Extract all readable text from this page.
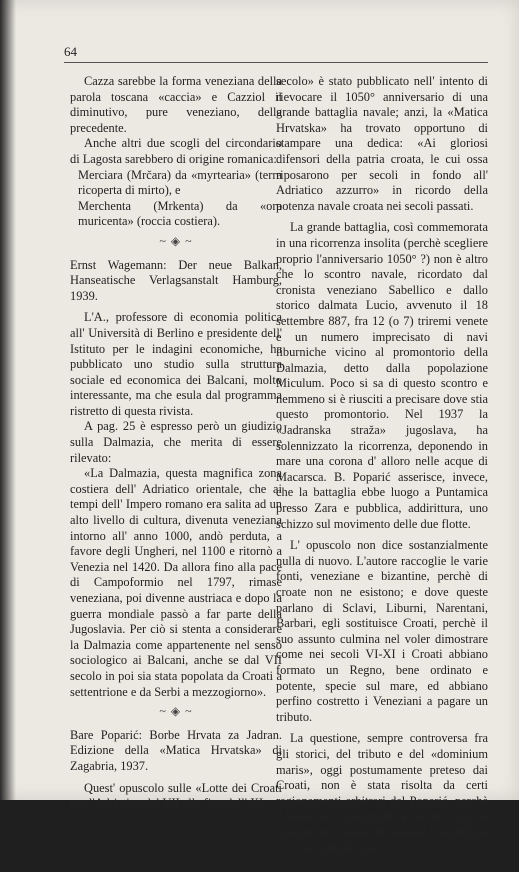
64

Cazza sarebbe la forma veneziana della parola toscana «caccia» e Cazziol il diminutivo, pure veneziano, della precedente.

Anche altri due scogli del circondario di Lagosta sarebbero di origine romanica:

Merciara (Mrčara) da «myrtearia» (terra ricoperta di mirto), e

Merchenta (Mrkenta) da «ora muricenta» (roccia costiera).

~ ◈ ~

Ernst Wagemann: Der neue Balkan, Hanseatische Verlagsanstalt Hamburg, 1939.

L'A., professore di economia politica all' Università di Berlino e presidente dell' Istituto per le indagini economiche, ha pubblicato uno studio sulla struttura sociale ed economica dei Balcani, molto interessante, ma che esula dal programma ristretto di questa rivista.

A pag. 25 è espresso però un giudizio sulla Dalmazia, che merita di essere rilevato:

«La Dalmazia, questa magnifica zona costiera dell' Adriatico orientale, che ai tempi dell' Impero romano era salita ad un alto livello di cultura, divenuta veneziana intorno all' anno 1000, andò perduta, a favore degli Ungheri, nel 1100 e ritornò a Venezia nel 1420. Da allora fino alla pace di Campoformio nel 1797, rimase veneziana, poi divenne austriaca e dopo la guerra mondiale passò a far parte della Jugoslavia. Per ciò si stenta a considerare la Dalmazia come appartenente nel senso sociologico ai Balcani, anche se dal VII secolo in poi sia stata popolata da Croati a settentrione e da Serbi a mezzogiorno».

~ ◈ ~

Bare Poparić: Borbe Hrvata za Jadran. Edizione della «Matica Hrvatska» di Zagabria, 1937.

Quest' opuscolo sulle «Lotte dei Croati per l'Adriatico dal VII alla fine dell' XI

secolo» è stato pubblicato nell' intento di rievocare il 1050° anniversario di una grande battaglia navale; anzi, la «Matica Hrvatska» ha trovato opportuno di stampare una dedica: «Ai gloriosi difensori della patria croata, le cui ossa riposarono per secoli in fondo all' Adriatico azzurro» in ricordo della potenza navale croata nei secoli passati.

La grande battaglia, così commemorata in una ricorrenza insolita (perchè scegliere proprio l'anniversario 1050° ?) non è altro che lo scontro navale, ricordato dal cronista veneziano Sabellico e dallo storico dalmata Lucio, avvenuto il 18 settembre 887, fra 12 (o 7) triremi venete e un numero imprecisato di navi liburniche vicino al promontorio della Dalmazia, detto dalla popolazione Miculum. Poco si sa di questo scontro e nemmeno si è riusciti a precisare dove stia questo promontorio. Nel 1937 la «Jadranska straža» jugoslava, ha solennizzato la ricorrenza, deponendo in mare una corona d' alloro nelle acque di Macarsca. B. Poparić asserisce, invece, che la battaglia ebbe luogo a Puntamica presso Zara e pubblica, addirittura, uno schizzo sul movimento delle due flotte.

L' opuscolo non dice sostanzialmente nulla di nuovo. L'autore raccoglie le varie fonti, veneziane e bizantine, perchè di croate non ne esistono; e dove queste parlano di Sclavi, Liburni, Narentani, Barbari, egli sostituisce Croati, perchè il suo assunto culmina nel voler dimostrare come nei secoli VI-XI i Croati abbiano formato un Regno, bene ordinato e potente, specie sul mare, ed abbiano perfino costretto i Veneziani a pagare un tributo.

La questione, sempre controversa fra gli storici, del tributo e del «dominium maris», oggi postumamente preteso dai Croati, non è stata risolta da certi ragionamenti arbitrari del Poparić, perchè il sentimento nazionale, anche più puro ed ardente, non basta ad alterare l' equilibrio e la verità della storia.

o. r.
